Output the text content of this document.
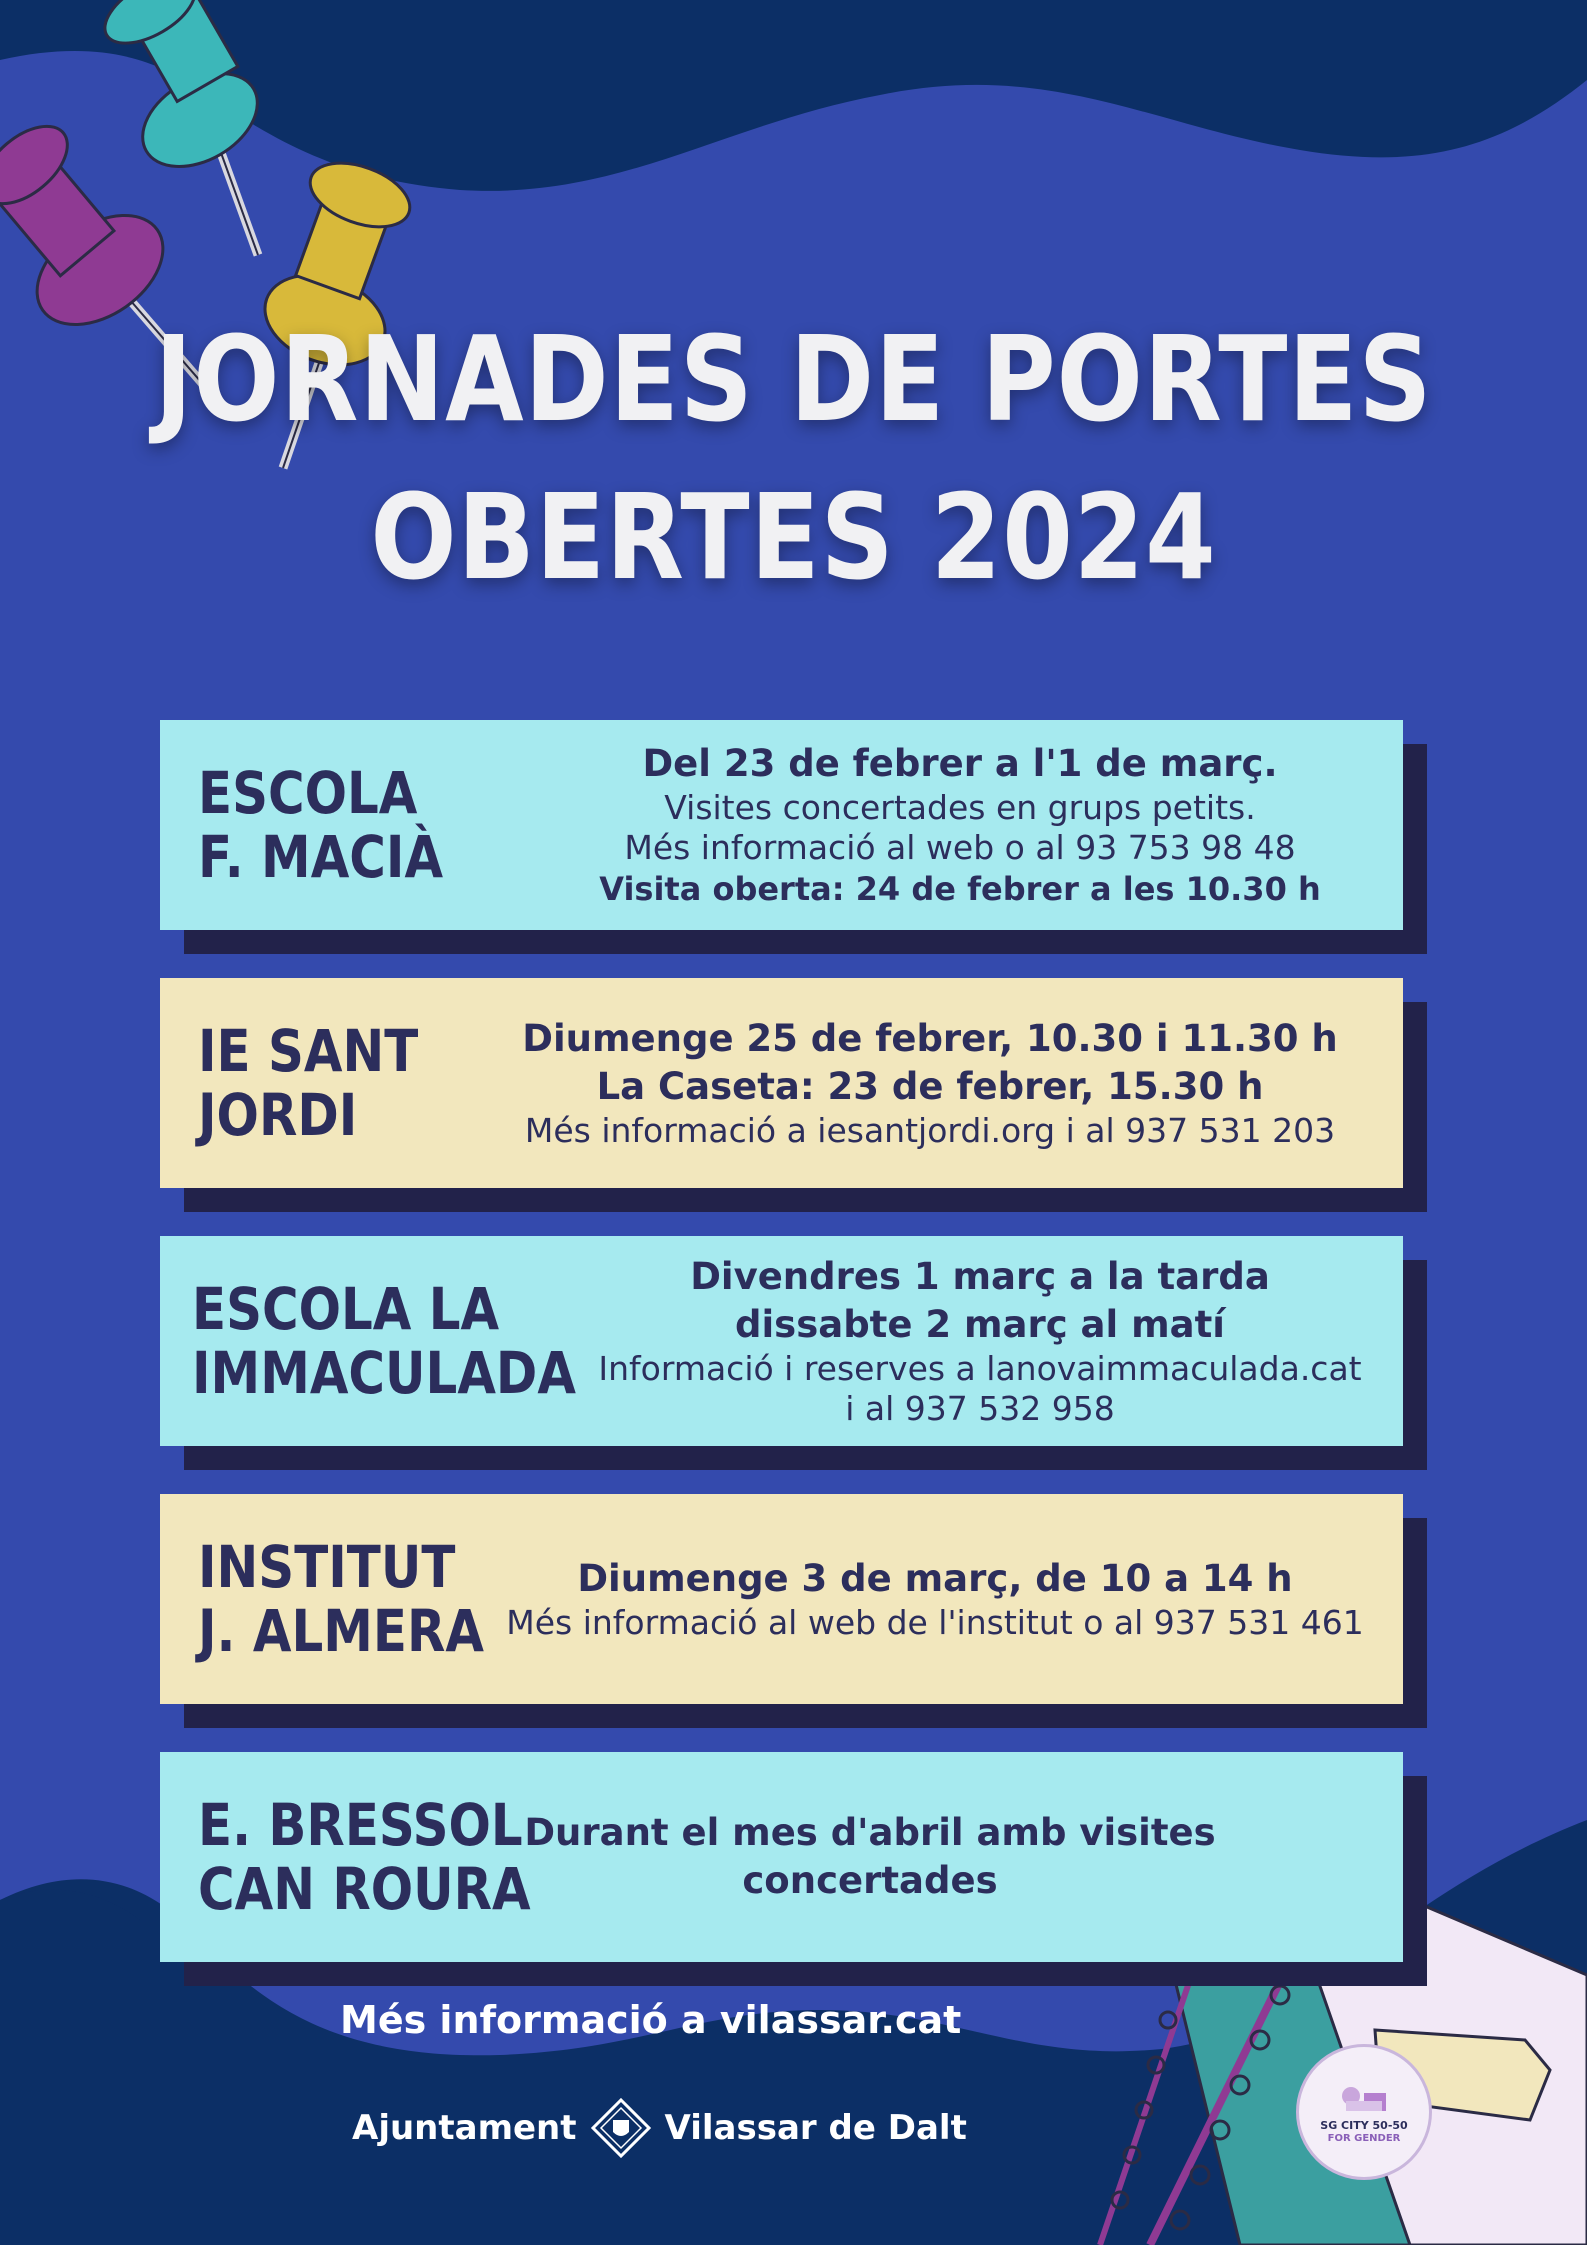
JORNADES DE PORTES
OBERTES 2024
ESCOLA
F. MACIÀ
Del 23 de febrer a l'1 de març.
Visites concertades en grups petits.
Més informació al web o al 93 753 98 48
Visita oberta: 24 de febrer a les 10.30 h
IE SANT
JORDI
Diumenge 25 de febrer, 10.30 i 11.30 h
La Caseta: 23 de febrer, 15.30 h
Més informació a iesantjordi.org i al 937 531 203
ESCOLA LA
IMMACULADA
Divendres 1 març a la tarda
dissabte 2 març al matí
Informació i reserves a lanovaimmaculada.cat
i al 937 532 958
INSTITUT
J. ALMERA
Diumenge 3 de març, de 10 a 14 h
Més informació al web de l'institut o al 937 531 461
E. BRESSOL
CAN ROURA
Durant el mes d'abril amb visites
concertades
Més informació a vilassar.cat
Ajuntament	Vilassar de Dalt	SG CITY 50-50
FOR GENDER
